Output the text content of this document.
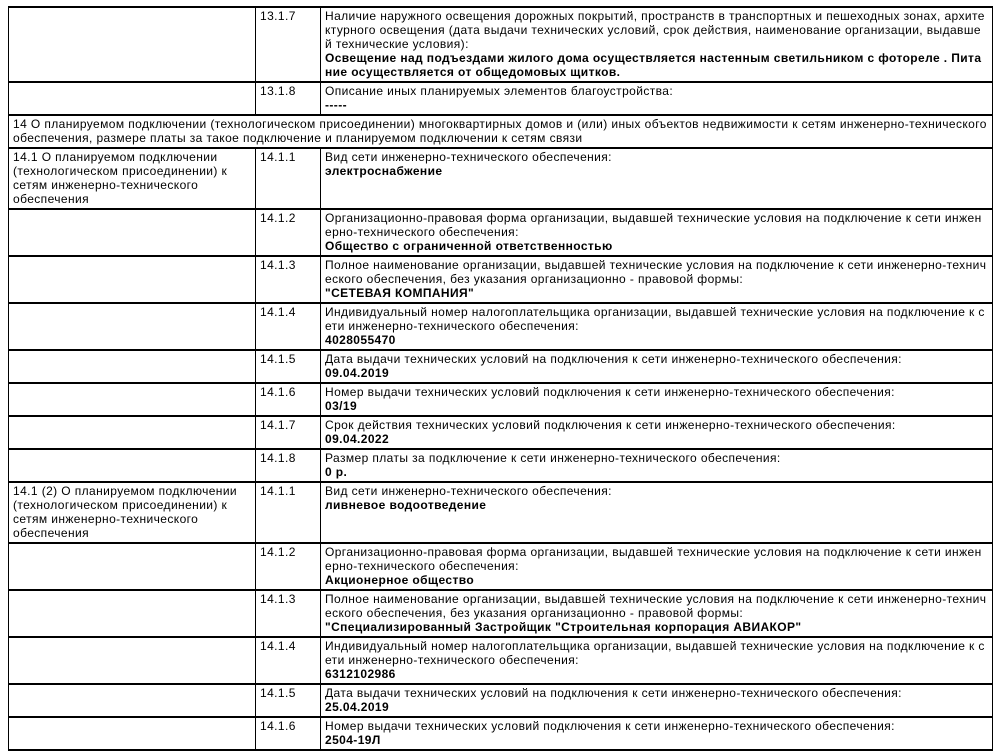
	13.1.7	Наличие наружного освещения дорожных покрытий, пространств в транспортных и пешеходных зонах, архитектурного освещения (дата выдачи технических условий, срок действия, наименование организации, выдавшей технические условия):
Освещение над подъездами жилого дома осуществляется настенным светильником с фотореле . Питание осуществляется от общедомовых щитков.

	13.1.8	Описание иных планируемых элементов благоустройства:
-----

14 О планируемом подключении (технологическом присоединении) многоквартирных домов и (или) иных объектов недвижимости к сетям инженерно-технического обеспечения, размере платы за такое подключение и планируемом подключении к сетям связи		
14.1 О планируемом подключении (технологическом присоединении) к сетям инженерно-технического обеспечения	14.1.1	Вид сети инженерно-технического обеспечения:
электроснабжение

	14.1.2	Организационно-правовая форма организации, выдавшей технические условия на подключение к сети инженерно-технического обеспечения:
Общество с ограниченной ответственностью

	14.1.3	Полное наименование организации, выдавшей технические условия на подключение к сети инженерно-технического обеспечения, без указания организационно - правовой формы:
"СЕТЕВАЯ КОМПАНИЯ"

	14.1.4	Индивидуальный номер налогоплательщика организации, выдавшей технические условия на подключение к сети инженерно-технического обеспечения:
4028055470

	14.1.5	Дата выдачи технических условий на подключения к сети инженерно-технического обеспечения:
09.04.2019

	14.1.6	Номер выдачи технических условий подключения к сети инженерно-технического обеспечения:
03/19

	14.1.7	Срок действия технических условий подключения к сети инженерно-технического обеспечения:
09.04.2022

	14.1.8	Размер платы за подключение к сети инженерно-технического обеспечения:
0 р.

14.1 (2) О планируемом подключении (технологическом присоединении) к сетям инженерно-технического обеспечения	14.1.1	Вид сети инженерно-технического обеспечения:
ливневое водоотведение

	14.1.2	Организационно-правовая форма организации, выдавшей технические условия на подключение к сети инженерно-технического обеспечения:
Акционерное общество

	14.1.3	Полное наименование организации, выдавшей технические условия на подключение к сети инженерно-технического обеспечения, без указания организационно - правовой формы:
"Специализированный Застройщик "Строительная корпорация АВИАКОР"

	14.1.4	Индивидуальный номер налогоплательщика организации, выдавшей технические условия на подключение к сети инженерно-технического обеспечения:
6312102986

	14.1.5	Дата выдачи технических условий на подключения к сети инженерно-технического обеспечения:
25.04.2019

	14.1.6	Номер выдачи технических условий подключения к сети инженерно-технического обеспечения:
2504-19Л
